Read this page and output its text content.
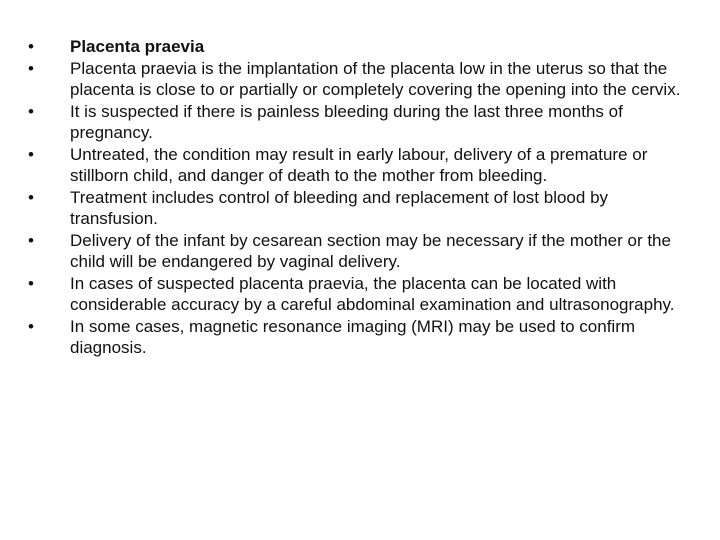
•	Placenta praevia
•	Placenta praevia is the implantation of the placenta low in the uterus so that the placenta is close to or partially or completely covering the opening into the cervix.
•	It is suspected if there is painless bleeding during the last three months of pregnancy.
•	Untreated, the condition may result in early labour, delivery of a premature or stillborn child, and danger of death to the mother from bleeding.
•	Treatment includes control of bleeding and replacement of lost blood by transfusion.
•	Delivery of the infant by cesarean section may be necessary if the mother or the child will be endangered by vaginal delivery.
•	In cases of suspected placenta praevia, the placenta can be located with considerable accuracy by a careful abdominal examination and ultrasonography.
•	In some cases, magnetic resonance imaging (MRI) may be used to confirm diagnosis.
